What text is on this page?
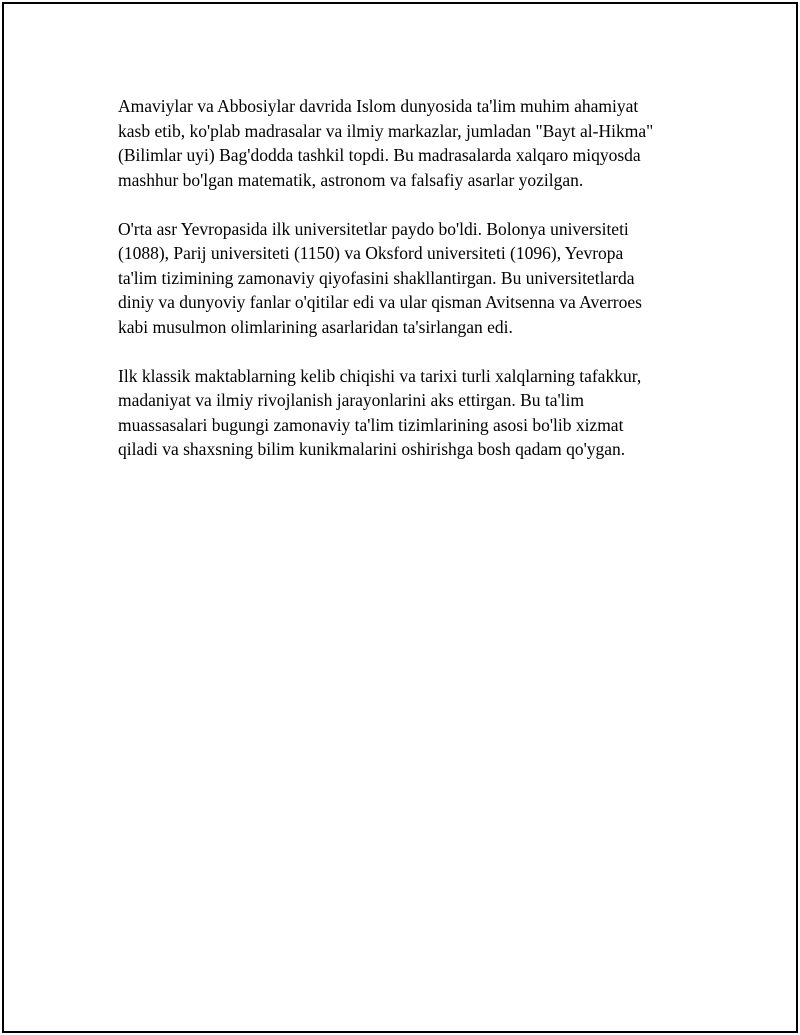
Amaviylar va Abbosiylar davrida Islom dunyosida ta'lim muhim ahamiyat
kasb etib, ko'plab madrasalar va ilmiy markazlar, jumladan "Bayt al-Hikma"
(Bilimlar uyi) Bag'dodda tashkil topdi. Bu madrasalarda xalqaro miqyosda
mashhur bo'lgan matematik, astronom va falsafiy asarlar yozilgan.

O'rta asr Yevropasida ilk universitetlar paydo bo'ldi. Bolonya universiteti
(1088), Parij universiteti (1150) va Oksford universiteti (1096), Yevropa
ta'lim tizimining zamonaviy qiyofasini shakllantirgan. Bu universitetlarda
diniy va dunyoviy fanlar o'qitilar edi va ular qisman Avitsenna va Averroes
kabi musulmon olimlarining asarlaridan ta'sirlangan edi.

Ilk klassik maktablarning kelib chiqishi va tarixi turli xalqlarning tafakkur,
madaniyat va ilmiy rivojlanish jarayonlarini aks ettirgan. Bu ta'lim
muassasalari bugungi zamonaviy ta'lim tizimlarining asosi bo'lib xizmat
qiladi va shaxsning bilim kunikmalarini oshirishga bosh qadam qo'ygan.
